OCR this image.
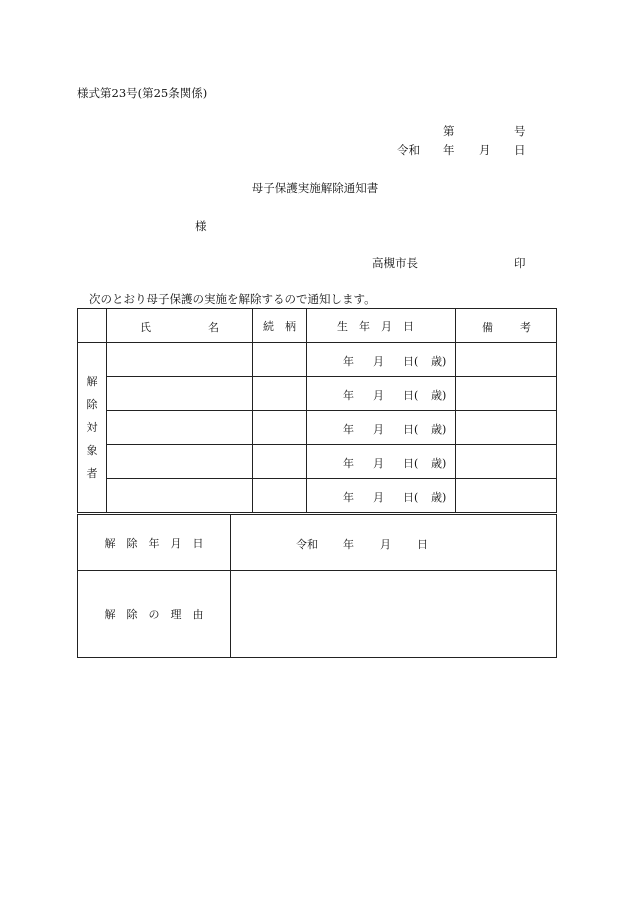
様式第23号(第25条関係)
第	号
令和 年 月 日
母子保護実施解除通知書
様
高槻市長	印
次のとおり母子保護の実施を解除するので通知します。

	氏 名	続　柄	生　年　月　日	備 考

解
除
対
象
者			年 月 日( 歳)	

			年 月 日( 歳)	

			年 月 日( 歳)	

			年 月 日( 歳)	

			年 月 日( 歳)	

解　除　年　月　日	令和 年 月 日

解　除　の　理　由	
